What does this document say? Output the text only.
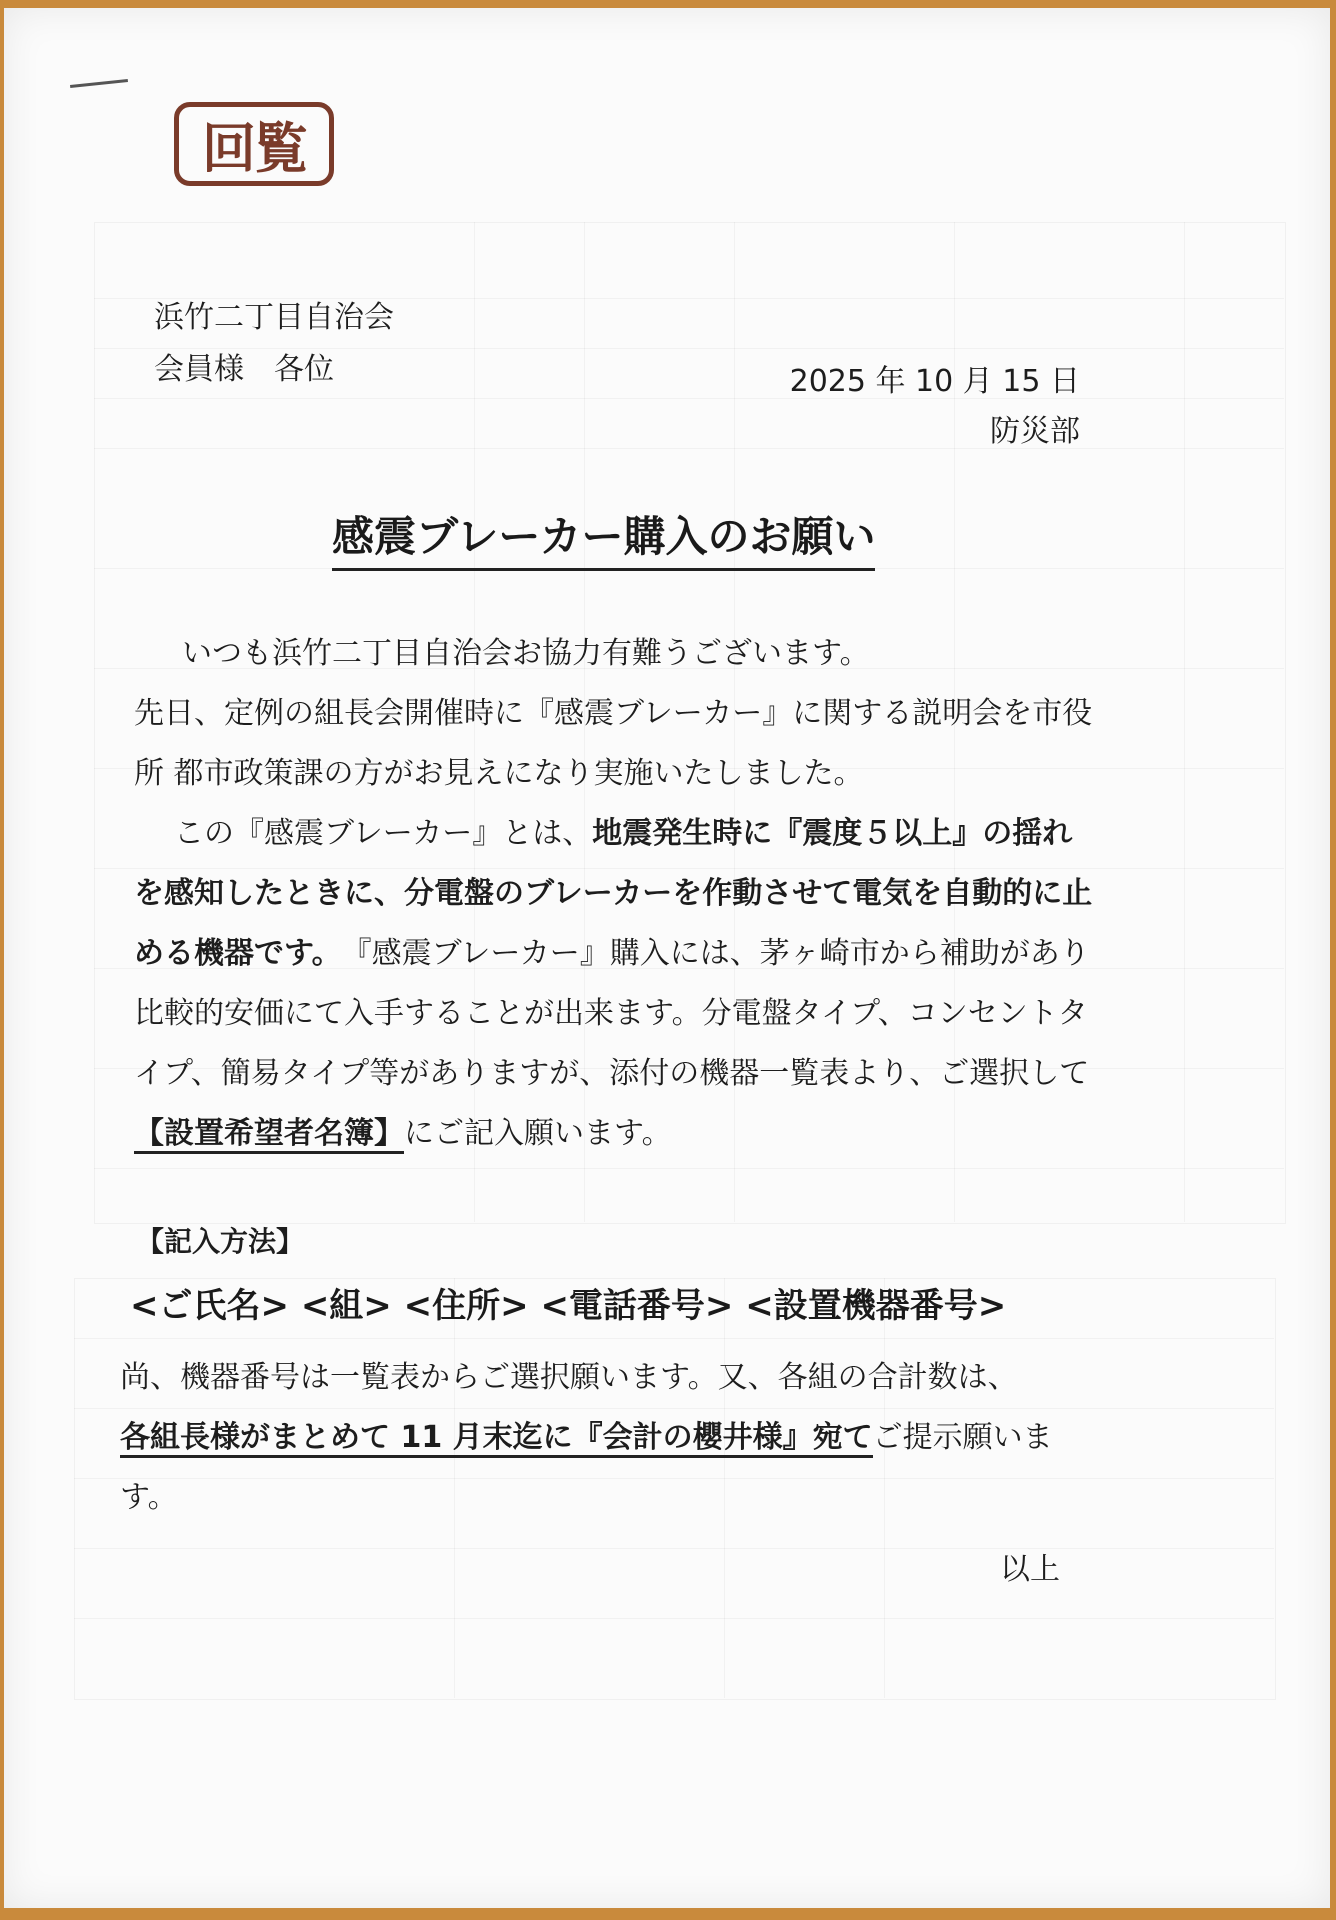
回覧
浜竹二丁目自治会
会員様　各位	2025 年 10 月 15 日
防災部
感震ブレーカー購入のお願い

いつも浜竹二丁目自治会お協力有難うございます。

先日、定例の組長会開催時に『感震ブレーカー』に関する説明会を市役所 都市政策課の方がお見えになり実施いたしました。

この『感震ブレーカー』とは、地震発生時に『震度５以上』の揺れを感知したときに、分電盤のブレーカーを作動させて電気を自動的に止める機器です。　『感震ブレーカー』購入には、茅ヶ崎市から補助があり比較的安価にて入手することが出来ます。分電盤タイプ、コンセントタイプ、簡易タイプ等がありますが、添付の機器一覧表より、ご選択して【設置希望者名簿】にご記入願います。

【記入方法】
<ご氏名> <組> <住所> <電話番号> <設置機器番号>

尚、機器番号は一覧表からご選択願います。又、各組の合計数は、

各組長様がまとめて 11 月末迄に『会計の櫻井様』宛てご提示願います。

以上
